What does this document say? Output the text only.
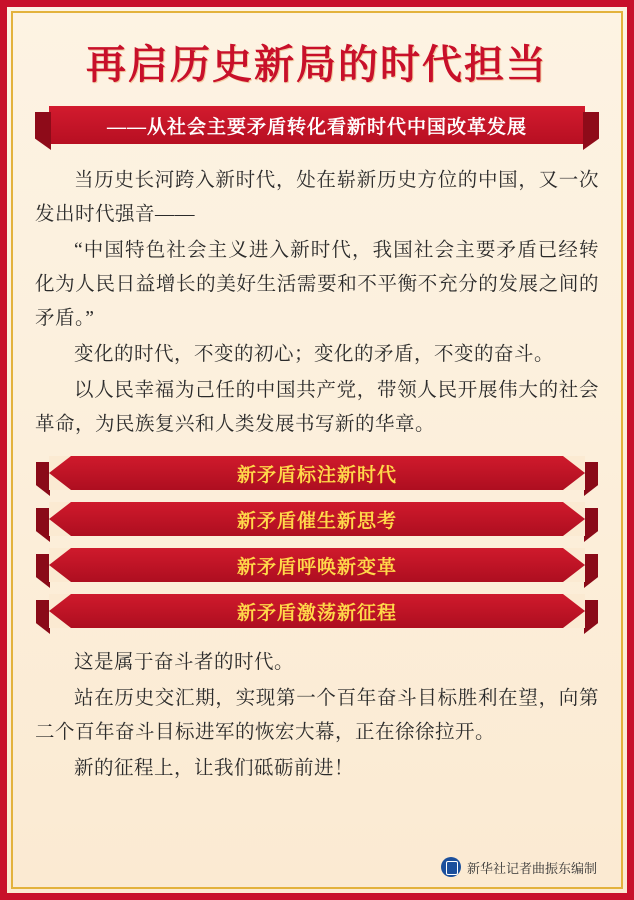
再启历史新局的时代担当
——从社会主要矛盾转化看新时代中国改革发展

当历史长河跨入新时代，处在崭新历史方位的中国，又一次发出时代强音——

“中国特色社会主义进入新时代，我国社会主要矛盾已经转化为人民日益增长的美好生活需要和不平衡不充分的发展之间的矛盾。”

变化的时代，不变的初心；变化的矛盾，不变的奋斗。

以人民幸福为己任的中国共产党，带领人民开展伟大的社会革命，为民族复兴和人类发展书写新的华章。

新矛盾标注新时代
新矛盾催生新思考
新矛盾呼唤新变革
新矛盾激荡新征程

这是属于奋斗者的时代。

站在历史交汇期，实现第一个百年奋斗目标胜利在望，向第二个百年奋斗目标进军的恢宏大幕，正在徐徐拉开。

新的征程上，让我们砥砺前进！

新华社记者曲振东编制
